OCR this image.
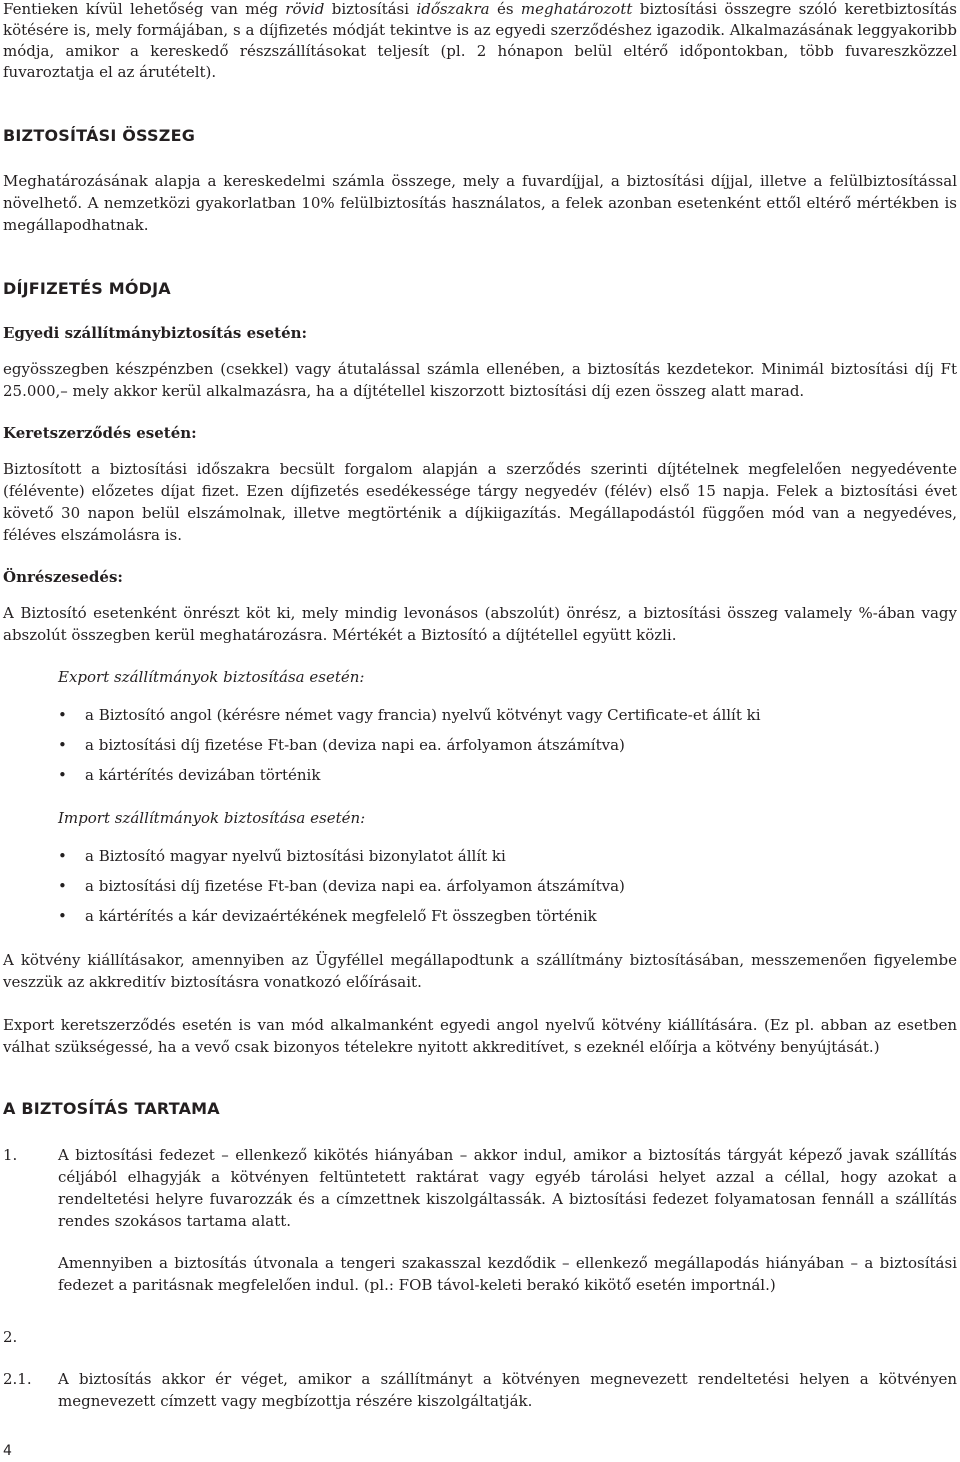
Fentieken kívül lehetőség van még rövid biztosítási időszakra és meghatározott biztosítási összegre szóló keretbiztosítás kötésére is, mely formájában, s a díjfizetés módját tekintve is az egyedi szerződéshez igazodik. Alkalmazásának leggyakoribb módja, amikor a kereskedő részszállításokat teljesít (pl. 2 hónapon belül eltérő időpontokban, több fuvareszközzel fuvaroztatja el az árutételt).

BIZTOSÍTÁSI ÖSSZEG

Meghatározásának alapja a kereskedelmi számla összege, mely a fuvardíjjal, a biztosítási díjjal, illetve a felülbiztosítással növelhető. A nemzetközi gyakorlatban 10% felülbiztosítás használatos, a felek azonban esetenként ettől eltérő mértékben is megállapodhatnak.

DÍJFIZETÉS MÓDJA

Egyedi szállítmánybiztosítás esetén:

egyösszegben készpénzben (csekkel) vagy átutalással számla ellenében, a biztosítás kezdetekor. Minimál biztosítási díj Ft 25.000,– mely akkor kerül alkalmazásra, ha a díjtétellel kiszorzott biztosítási díj ezen összeg alatt marad.

Keretszerződés esetén:

Biztosított a biztosítási időszakra becsült forgalom alapján a szerződés szerinti díjtételnek megfelelően negyedévente (félévente) előzetes díjat fizet. Ezen díjfizetés esedékessége tárgy negyedév (félév) első 15 napja. Felek a biztosítási évet követő 30 napon belül elszámolnak, illetve megtörténik a díjkiigazítás. Megállapodástól függően mód van a negyedéves, féléves elszámolásra is.

Önrészesedés:

A Biztosító esetenként önrészt köt ki, mely mindig levonásos (abszolút) önrész, a biztosítási összeg valamely %-ában vagy abszolút összegben kerül meghatározásra. Mértékét a Biztosító a díjtétellel együtt közli.

Export szállítmányok biztosítása esetén:

• a Biztosító angol (kérésre német vagy francia) nyelvű kötvényt vagy Certificate-et állít ki
• a biztosítási díj fizetése Ft-ban (deviza napi ea. árfolyamon átszámítva)
• a kártérítés devizában történik

Import szállítmányok biztosítása esetén:

• a Biztosító magyar nyelvű biztosítási bizonylatot állít ki
• a biztosítási díj fizetése Ft-ban (deviza napi ea. árfolyamon átszámítva)
• a kártérítés a kár devizaértékének megfelelő Ft összegben történik

A kötvény kiállításakor, amennyiben az Ügyféllel megállapodtunk a szállítmány biztosításában, messzemenően figyelembe veszzük az akkreditív biztosításra vonatkozó előírásait.

Export keretszerződés esetén is van mód alkalmanként egyedi angol nyelvű kötvény kiállítására. (Ez pl. abban az esetben válhat szükségessé, ha a vevő csak bizonyos tételekre nyitott akkreditívet, s ezeknél előírja a kötvény benyújtását.)

A BIZTOSÍTÁS TARTAMA
1.	A biztosítási fedezet – ellenkező kikötés hiányában – akkor indul, amikor a biztosítás tárgyát képező javak szállítás céljából elhagyják a kötvényen feltüntetett raktárat vagy egyéb tárolási helyet azzal a céllal, hogy azokat a rendeltetési helyre fuvarozzák és a címzettnek kiszolgáltassák. A biztosítási fedezet folyamatosan fennáll a szállítás rendes szokásos tartama alatt.

Amennyiben a biztosítás útvonala a tengeri szakasszal kezdődik – ellenkező megállapodás hiányában – a biztosítási fedezet a paritásnak megfelelően indul. (pl.: FOB távol-keleti berakó kikötő esetén importnál.)

2.
2.1.	A biztosítás akkor ér véget, amikor a szállítmányt a kötvényen megnevezett rendeltetési helyen a kötvényen megnevezett címzett vagy megbízottja részére kiszolgáltatják.

4
